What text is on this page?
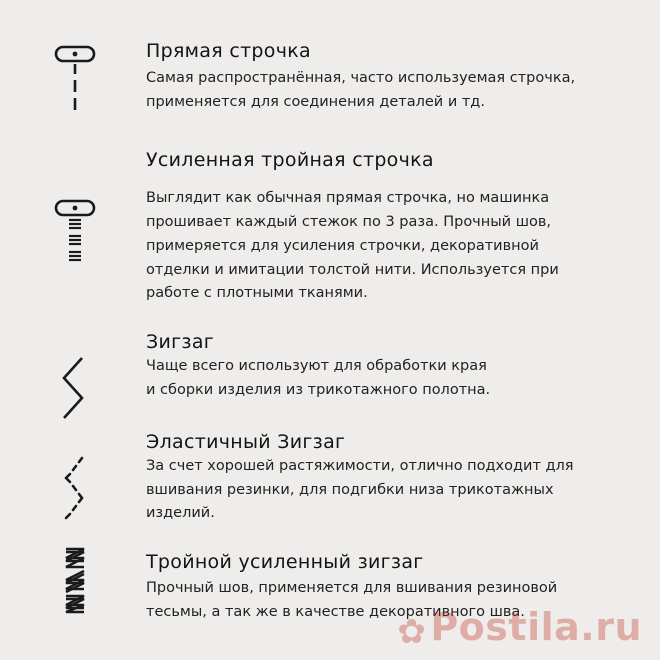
Прямая строчка
Самая распространённая, часто используемая строчка,
применяется для соединения деталей и тд.
Усиленная тройная строчка
Выглядит как обычная прямая строчка, но машинка
прошивает каждый стежок по 3 раза. Прочный шов,
примеряется для усиления строчки, декоративной
отделки и имитации толстой нити. Используется при
работе с плотными тканями.
Зигзаг
Чаще всего используют для обработки края
и сборки изделия из трикотажного полотна.
Эластичный Зигзаг
За счет хорошей растяжимости, отлично подходит для
вшивания резинки, для подгибки низа трикотажных
изделий.
Тройной усиленный зигзаг
Прочный шов, применяется для вшивания резиновой
тесьмы, а так же в качестве декоративного шва.
✿ Postila.ru
